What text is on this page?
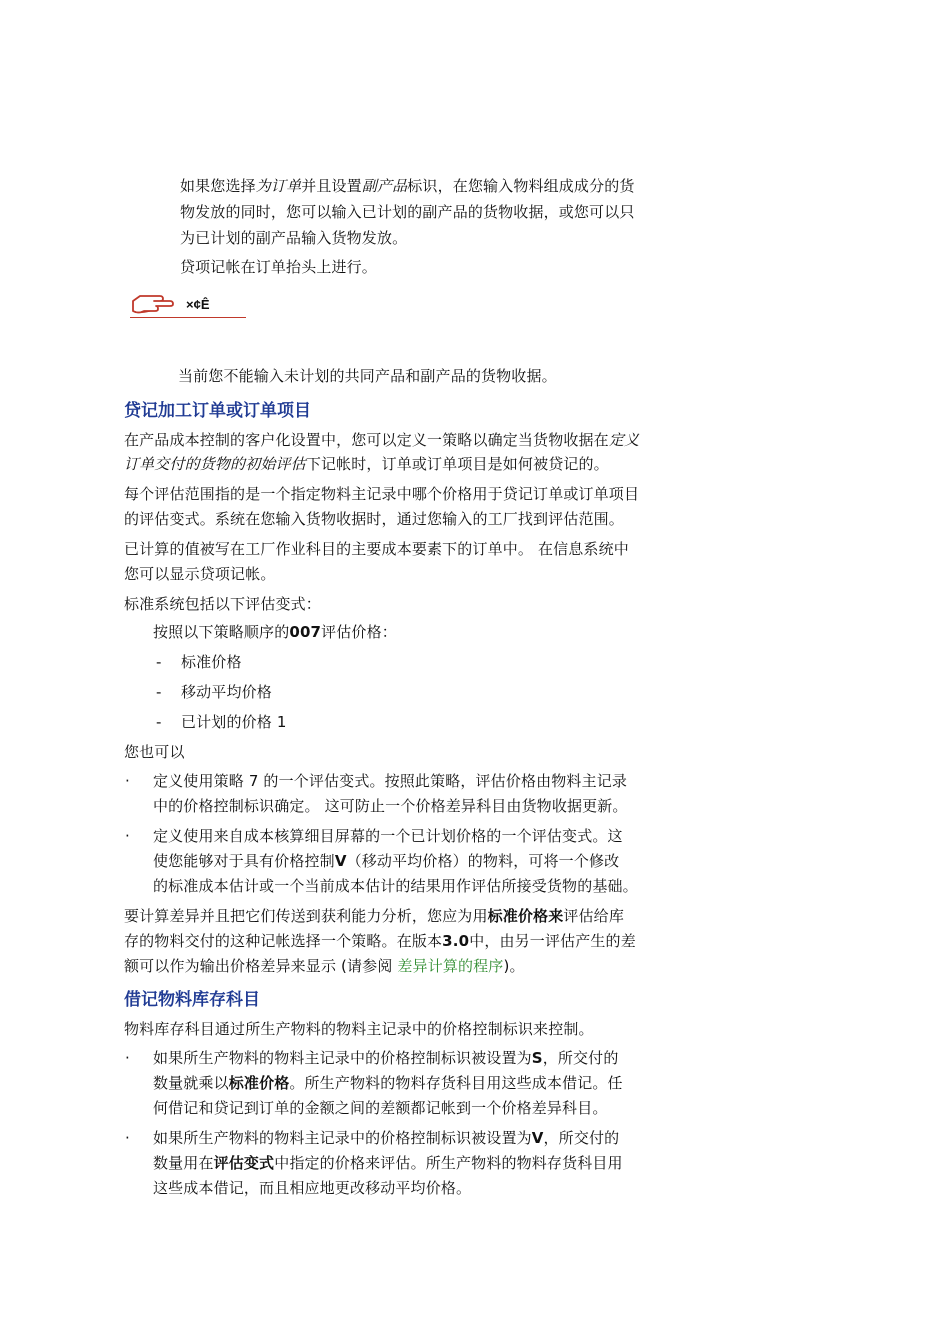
如果您选择为订单并且设置副产品标识，在您输入物料组成成分的货
物发放的同时，您可以输入已计划的副产品的货物收据，或您可以只
为已计划的副产品输入货物发放。
贷项记帐在订单抬头上进行。
×¢Ê
当前您不能输入未计划的共同产品和副产品的货物收据。
贷记加工订单或订单项目
在产品成本控制的客户化设置中，您可以定义一策略以确定当货物收据在定义
订单交付的货物的初始评估下记帐时，订单或订单项目是如何被贷记的。
每个评估范围指的是一个指定物料主记录中哪个价格用于贷记订单或订单项目
的评估变式。系统在您输入货物收据时，通过您输入的工厂找到评估范围。
已计算的值被写在工厂作业科目的主要成本要素下的订单中。 在信息系统中
您可以显示贷项记帐。
标准系统包括以下评估变式：
按照以下策略顺序的007评估价格：
- 标准价格
- 移动平均价格
- 已计划的价格 1
您也可以
· 定义使用策略 7 的一个评估变式。按照此策略，评估价格由物料主记录
中的价格控制标识确定。 这可防止一个价格差异科目由货物收据更新。
· 定义使用来自成本核算细目屏幕的一个已计划价格的一个评估变式。这
使您能够对于具有价格控制V（移动平均价格）的物料，可将一个修改
的标准成本估计或一个当前成本估计的结果用作评估所接受货物的基础。
要计算差异并且把它们传送到获利能力分析，您应为用标准价格来评估给库
存的物料交付的这种记帐选择一个策略。在版本3.0中，由另一评估产生的差
额可以作为输出价格差异来显示 (请参阅 差异计算的程序)。
借记物料库存科目
物料库存科目通过所生产物料的物料主记录中的价格控制标识来控制。
· 如果所生产物料的物料主记录中的价格控制标识被设置为S，所交付的
数量就乘以标准价格。所生产物料的物料存货科目用这些成本借记。任
何借记和贷记到订单的金额之间的差额都记帐到一个价格差异科目。
· 如果所生产物料的物料主记录中的价格控制标识被设置为V，所交付的
数量用在评估变式中指定的价格来评估。所生产物料的物料存货科目用
这些成本借记，而且相应地更改移动平均价格。
